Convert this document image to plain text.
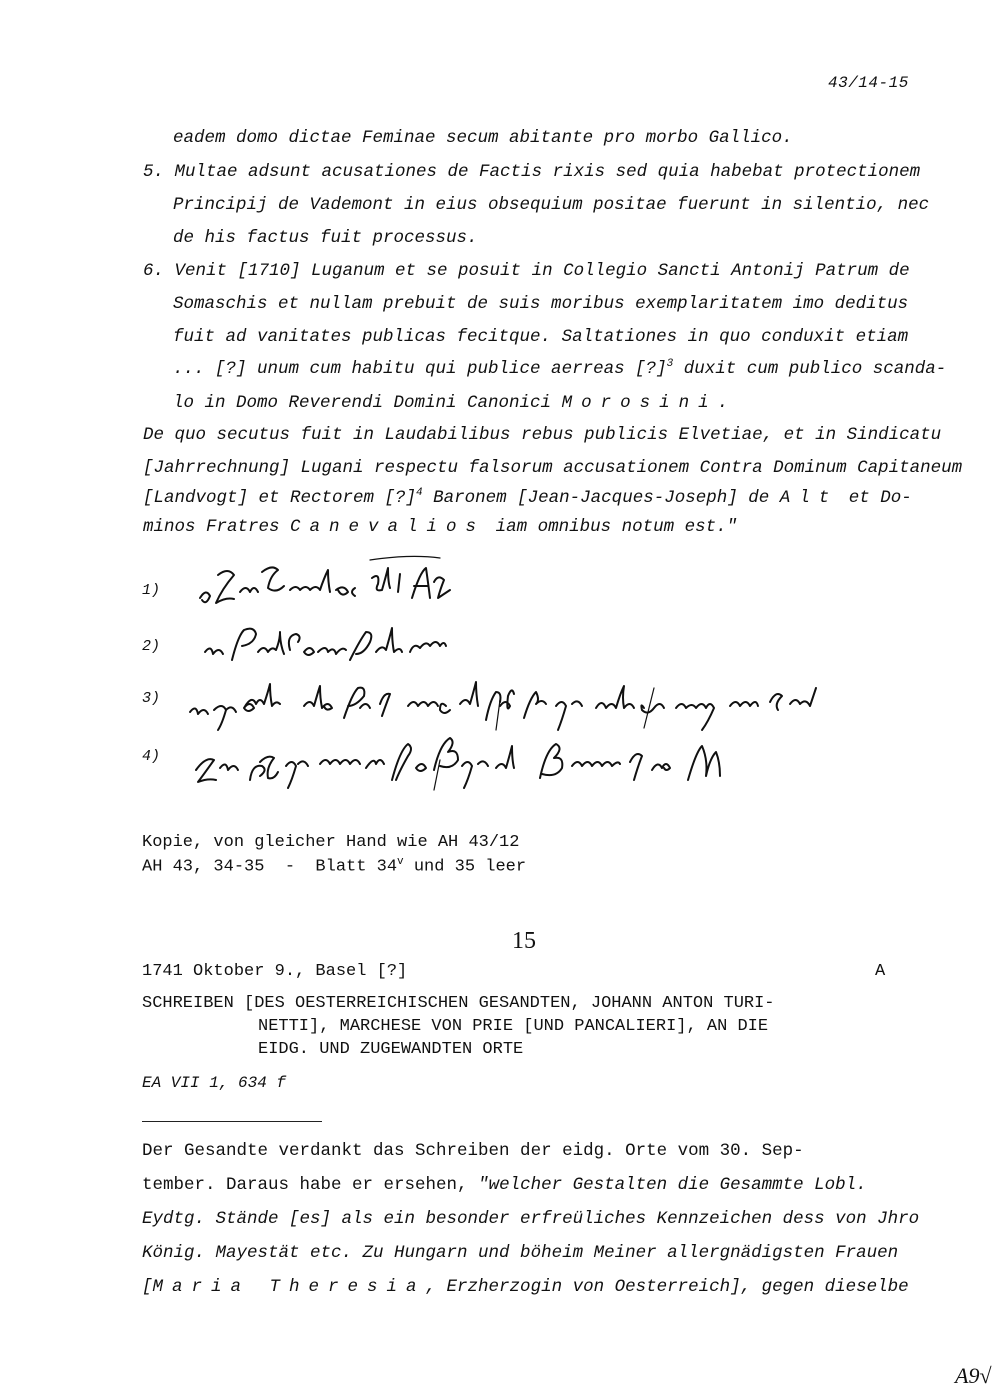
43/14-15

eadem domo dictae Feminae secum abitante pro morbo Gallico.

5. Multae adsunt acusationes de Factis rixis sed quia habebat protectionem

Principij de Vademont in eius obsequium positae fuerunt in silentio, nec

de his factus fuit processus.

6. Venit [1710] Luganum et se posuit in Collegio Sancti Antonij Patrum de

Somaschis et nullam prebuit de suis moribus exemplaritatem imo deditus

fuit ad vanitates publicas fecitque. Saltationes in quo conduxit etiam

... [?] unum cum habitu qui publice aerreas [?]$^3$ duxit cum publico scanda-

lo in Domo Reverendi Domini Canonici Morosini.

De quo secutus fuit in Laudabilibus rebus publicis Elvetiae, et in Sindicatu

[Jahrrechnung] Lugani respectu falsorum accusationem Contra Dominum Capitaneum

[Landvogt] et Rectorem [?]$^4$ Baronem [Jean-Jacques-Joseph] de Alt et Do-

minos Fratres Canevalios iam omnibus notum est."

1)
2)
3)
4)
Kopie, von gleicher Hand wie AH 43/12
AH 43, 34-35  -  Blatt 34$^v$ und 35 leer
15
1741 Oktober 9., Basel [?]	A
SCHREIBEN [DES OESTERREICHISCHEN GESANDTEN, JOHANN ANTON TURI-
NETTI], MARCHESE VON PRIE [UND PANCALIERI], AN DIE
EIDG. UND ZUGEWANDTEN ORTE
EA VII 1, 634 f

Der Gesandte verdankt das Schreiben der eidg. Orte vom 30. Sep-

tember. Daraus habe er ersehen, "welcher Gestalten die Gesammte Lobl.

Eydtg. Stände [es] als ein besonder erfreüliches Kennzeichen dess von Jhro

König. Mayestät etc. Zu Hungarn und böheim Meiner allergnädigsten Frauen

[Maria Theresia, Erzherzogin von Oesterreich], gegen dieselbe

A9√
